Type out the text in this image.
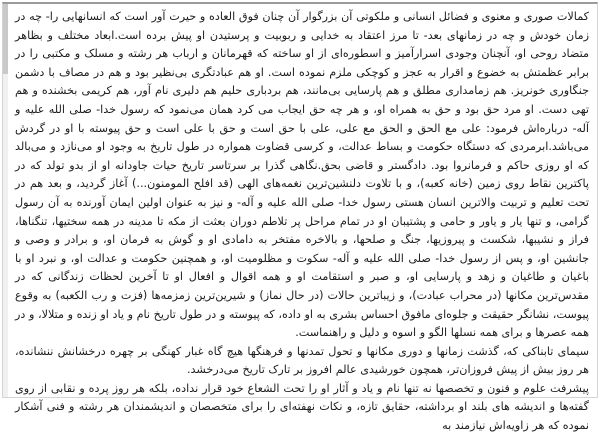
کمالات صوری و معنوی و فضائل انسانی و ملکوتی آن بزرگوار آن چنان فوق العاده و حیرت آور است که انسانهایی را- چه در زمان خودش و چه در زمانهای بعد- تا مرز اعتقاد به خدایی و ربوبیت و پرستیدن او پیش برده است.ابعاد مختلف و بظاهر متضاد روحی او، آنچنان وجودی اسرارآمیز و اسطوره‌ای از او ساخته که قهرمانان و ارباب هر رشته و مسلک و مکتبی را در برابر عظمتش به خضوع و اقرار به عجز و کوچکی ملزم نموده است. او هم عبادتگری بی‌نظیر بود و هم در مصاف با دشمن جنگاوری خونریز. هم زمامداری مطلق و هم پارسایی بی‌مانند، هم بردباری حلیم هم دلیری نام آور، هم کریمی بخشنده و هم تهی دست. او مرد حق بود و حق به همراه او، و هر چه حق ایجاب می کرد همان می‌نمود که رسول خدا- صلی الله علیه و آله- درباره‌اش فرمود: علی مع الحق و الحق مع علی، علی با حق است و حق با علی است و حق پیوسته با او در گردش می‌باشد.ابرمردی که دستگاه حکومت و بساط عدالت، و کرسی قضاوت همواره در طول تاریخ به وجود او می‌نازد و می‌بالد که او روزی حاکم و فرمانروا بود. دادگستر و قاضی بحق.نگاهی گذرا بر سرتاسر تاریخ حیات جاودانه او از بدو تولد که در پاکترین نقاط روی زمین (خانه کعبه)، و با تلاوت دلنشین‌ترین نغمه‌های الهی (قد افلح المومنون...) آغاز گردید، و بعد هم در تحت تعلیم و تربیت والاترین انسان هستی رسول خدا- صلی الله علیه و آله- و نیز به عنوان اولین ایمان آورنده به آن رسول گرامی، و تنها یار و یاور و حامی و پشتیبان او در تمام مراحل پر تلاطم دوران بعثت از مکه تا مدینه در همه سختیها، تنگناها، فراز و نشیبها، شکست و پیروزیها، جنگ و صلحها، و بالاخره مفتخر به دامادی او و گوش به فرمان او، و برادر و وصی و جانشین او، و پس از رسول خدا- صلی الله علیه و آله- سکوت و مظلومیت او، و همچنین حکومت و عدالت او، و نبرد او با باغیان و طاغیان و زهد و پارسایی او، و صبر و استقامت او و همه اقوال و افعال او تا آخرین لحظات زندگانی که در مقدس‌ترین مکانها (در محراب عبادت)، و زیباترین حالات (در حال نماز) و شیرین‌ترین زمزمه‌ها (فزت و رب الکعبه) به وقوع پیوست، نشانگر حقیقت و جلوه‌ای مافوق احساس بشری به او داده، که پیوسته و در طول تاریخ نام و یاد او زنده و متلالا، و در همه عصرها و برای همه نسلها الگو و اسوه و دلیل و راهنماست.

سیمای تابناکی که، گذشت زمانها و دوری مکانها و تحول تمدنها و فرهنگها هیچ گاه غبار کهنگی بر چهره درخشانش ننشانده، هر روز بیش از پیش فروزان‌تر، همچون خورشیدی عالم افروز بر تارک تاریخ می‌درخشد.

پیشرفت علوم و فنون و تخصصها نه تنها نام و یاد و آثار او را تحت الشعاع خود قرار نداده، بلکه هر روز پرده و نقابی از روی گفته‌ها و اندیشه های بلند او برداشته، حقایق تازه، و نکات نهفته‌ای را برای متخصصان و اندیشمندان هر رشته و فنی آشکار نموده که هر زاویه‌اش نیازمند به
